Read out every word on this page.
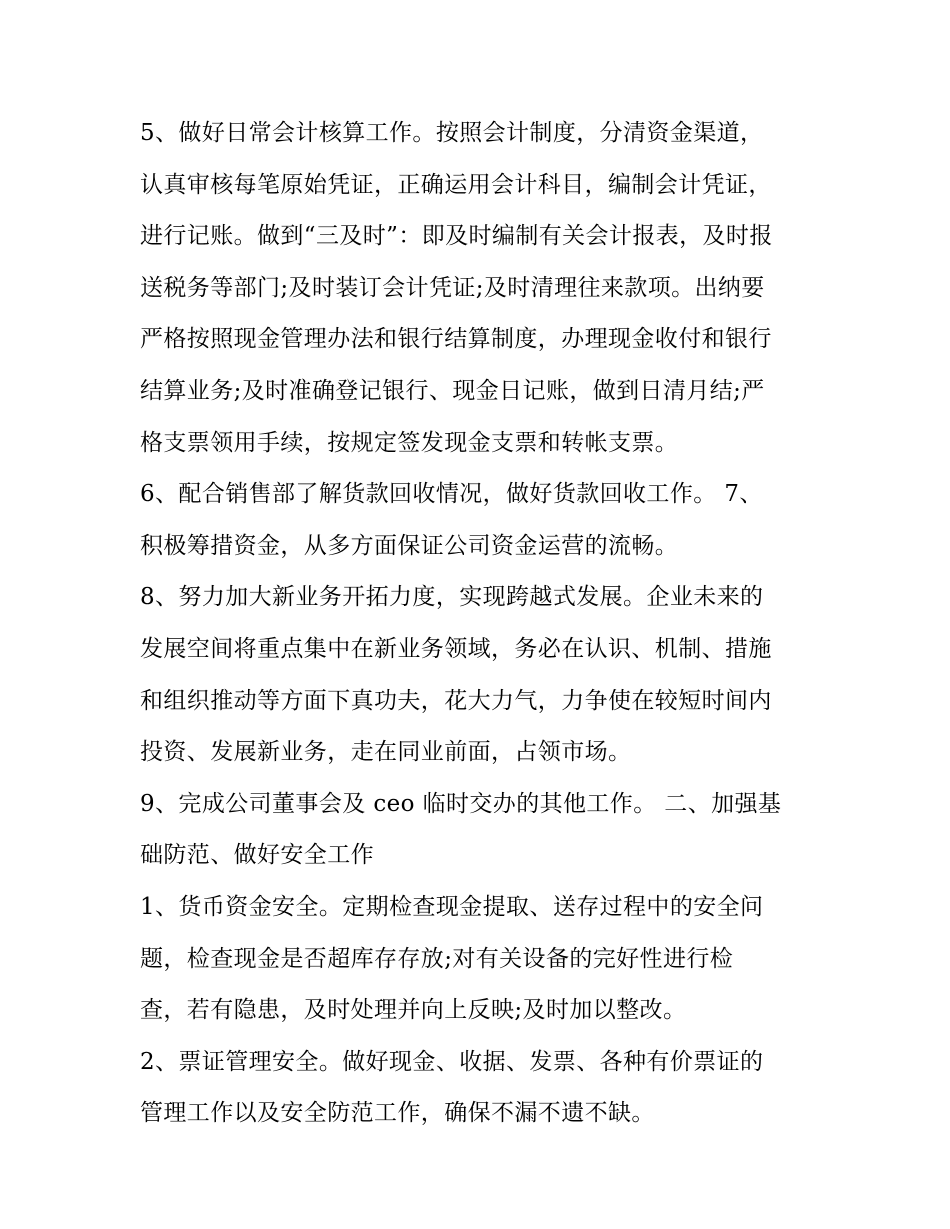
5、做好日常会计核算工作。按照会计制度，分清资金渠道，
认真审核每笔原始凭证，正确运用会计科目，编制会计凭证，
进行记账。做到“三及时”：即及时编制有关会计报表，及时报
送税务等部门;及时装订会计凭证;及时清理往来款项。出纳要
严格按照现金管理办法和银行结算制度，办理现金收付和银行
结算业务;及时准确登记银行、现金日记账，做到日清月结;严
格支票领用手续，按规定签发现金支票和转帐支票。

6、配合销售部了解货款回收情况，做好货款回收工作。 7、
积极筹措资金，从多方面保证公司资金运营的流畅。

8、努力加大新业务开拓力度，实现跨越式发展。企业未来的
发展空间将重点集中在新业务领域，务必在认识、机制、措施
和组织推动等方面下真功夫，花大力气，力争使在较短时间内
投资、发展新业务，走在同业前面，占领市场。

9、完成公司董事会及 ceo 临时交办的其他工作。 二、加强基
础防范、做好安全工作

1、货币资金安全。定期检查现金提取、送存过程中的安全问
题，检查现金是否超库存存放;对有关设备的完好性进行检
查，若有隐患，及时处理并向上反映;及时加以整改。

2、票证管理安全。做好现金、收据、发票、各种有价票证的
管理工作以及安全防范工作，确保不漏不遗不缺。
